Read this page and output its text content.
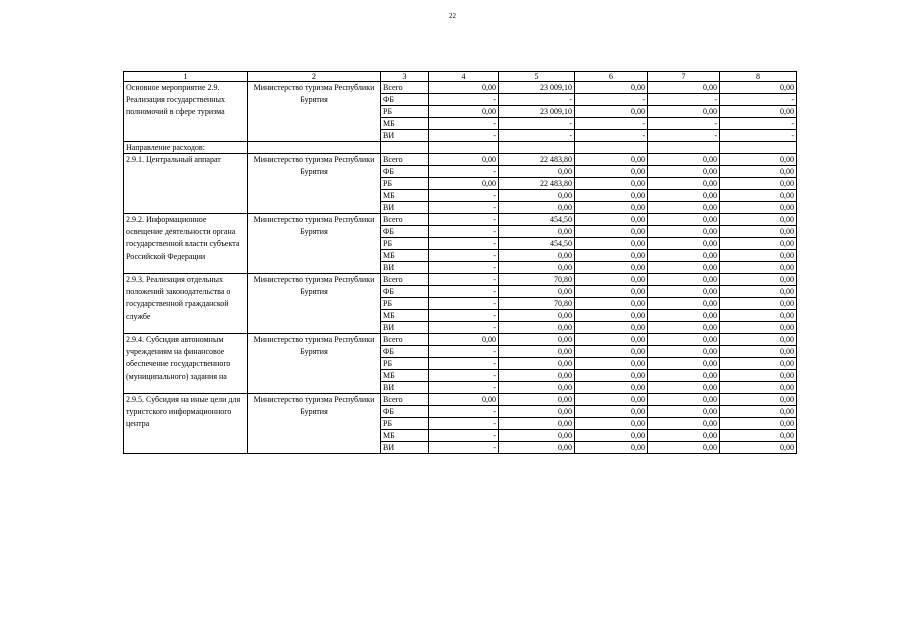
22
1	2	3	4	5	6	7	8
Основное мероприятие 2.9. Реализация государственных полномочий в сфере туризма	Министерство туризма Республики Бурятия	Всего	0,00	23 009,10	0,00	0,00	0,00
		ФБ	-	-	-	-	-
		РБ	0,00	23 009,10	0,00	0,00	0,00
		МБ	-	-	-	-	-
		ВИ	-	-	-	-	-
Направление расходов:							
2.9.1. Центральный аппарат	Министерство туризма Республики Бурятия	Всего	0,00	22 483,80	0,00	0,00	0,00
		ФБ	-	0,00	0,00	0,00	0,00
		РБ	0,00	22 483,80	0,00	0,00	0,00
		МБ	-	0,00	0,00	0,00	0,00
		ВИ	-	0,00	0,00	0,00	0,00
2.9.2. Информационное освещение деятельности органа государственной власти субъекта Российской Федерации	Министерство туризма Республики Бурятия	Всего	-	454,50	0,00	0,00	0,00
		ФБ	-	0,00	0,00	0,00	0,00
		РБ	-	454,50	0,00	0,00	0,00
		МБ	-	0,00	0,00	0,00	0,00
		ВИ	-	0,00	0,00	0,00	0,00
2.9.3. Реализация отдельных положений законодательства о государственной гражданской службе	Министерство туризма Республики Бурятия	Всего	-	70,80	0,00	0,00	0,00
		ФБ	-	0,00	0,00	0,00	0,00
		РБ	-	70,80	0,00	0,00	0,00
		МБ	-	0,00	0,00	0,00	0,00
		ВИ	-	0,00	0,00	0,00	0,00
2.9.4. Субсидия автономным учреждениям на финансовое обеспечение государственного (муниципального) задания на	Министерство туризма Республики Бурятия	Всего	0,00	0,00	0,00	0,00	0,00
		ФБ	-	0,00	0,00	0,00	0,00
		РБ	-	0,00	0,00	0,00	0,00
		МБ	-	0,00	0,00	0,00	0,00
		ВИ	-	0,00	0,00	0,00	0,00
2.9.5. Субсидия на иные цели для туристского информационного центра	Министерство туризма Республики Бурятия	Всего	0,00	0,00	0,00	0,00	0,00
		ФБ	-	0,00	0,00	0,00	0,00
		РБ	-	0,00	0,00	0,00	0,00
		МБ	-	0,00	0,00	0,00	0,00
		ВИ	-	0,00	0,00	0,00	0,00
